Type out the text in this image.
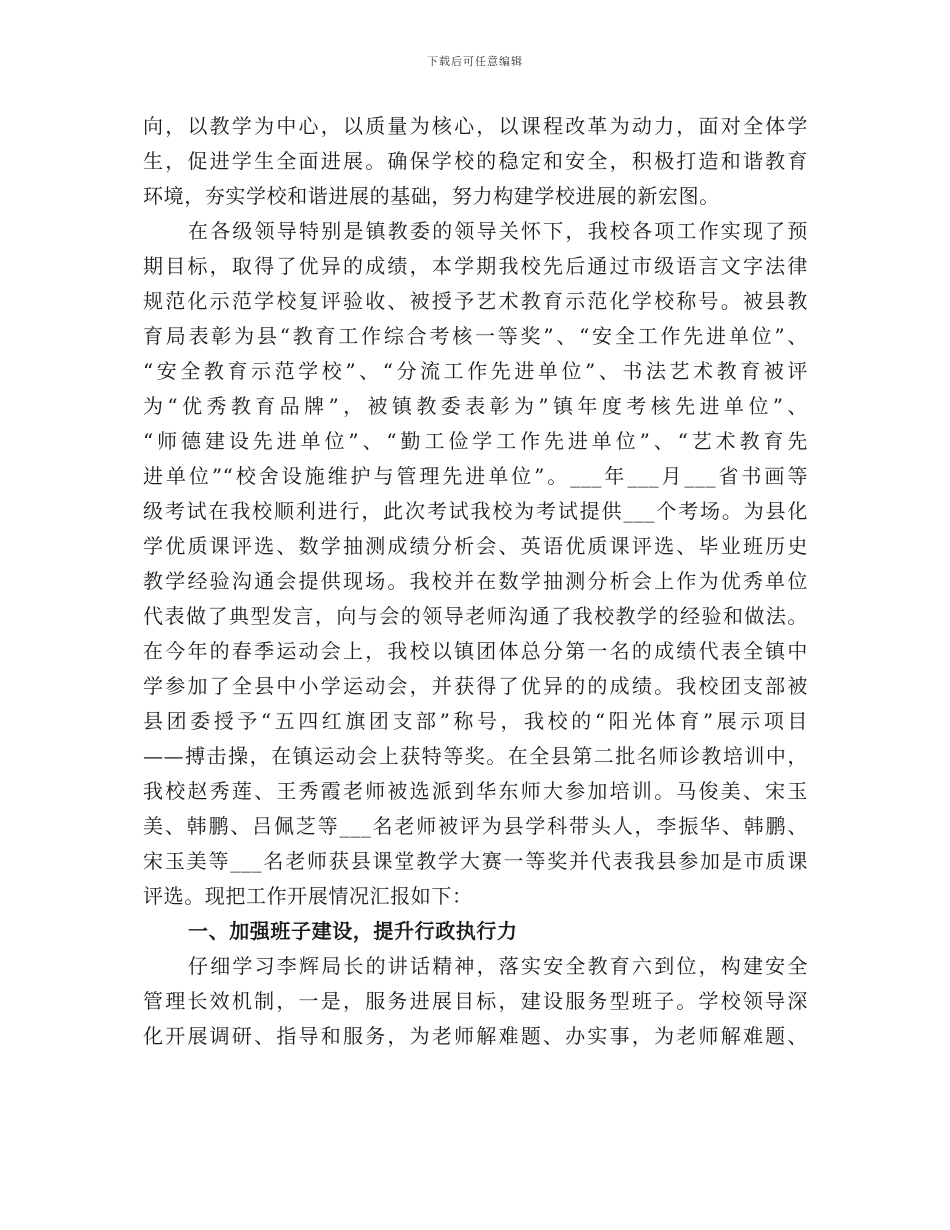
下载后可任意编辑
向，以教学为中心，以质量为核心，以课程改革为动力，面对全体学
生，促进学生全面进展。确保学校的稳定和安全，积极打造和谐教育
环境，夯实学校和谐进展的基础，努力构建学校进展的新宏图。
在各级领导特别是镇教委的领导关怀下，我校各项工作实现了预
期目标，取得了优异的成绩，本学期我校先后通过市级语言文字法律
规范化示范学校复评验收、被授予艺术教育示范化学校称号。被县教
育局表彰为县“教育工作综合考核一等奖”、“安全工作先进单位”、
“安全教育示范学校”、“分流工作先进单位”、书法艺术教育被评
为“优秀教育品牌”，被镇教委表彰为”镇年度考核先进单位”、
“师德建设先进单位”、“勤工俭学工作先进单位”、“艺术教育先
进单位”“校舍设施维护与管理先进单位”。___年___月___省书画等
级考试在我校顺利进行，此次考试我校为考试提供___个考场。为县化
学优质课评选、数学抽测成绩分析会、英语优质课评选、毕业班历史
教学经验沟通会提供现场。我校并在数学抽测分析会上作为优秀单位
代表做了典型发言，向与会的领导老师沟通了我校教学的经验和做法。
在今年的春季运动会上，我校以镇团体总分第一名的成绩代表全镇中
学参加了全县中小学运动会，并获得了优异的的成绩。我校团支部被
县团委授予“五四红旗团支部”称号，我校的“阳光体育”展示项目
——搏击操，在镇运动会上获特等奖。在全县第二批名师诊教培训中，
我校赵秀莲、王秀霞老师被选派到华东师大参加培训。马俊美、宋玉
美、韩鹏、吕佩芝等___名老师被评为县学科带头人，李振华、韩鹏、
宋玉美等___名老师获县课堂教学大赛一等奖并代表我县参加是市质课
评选。现把工作开展情况汇报如下：
一、加强班子建设，提升行政执行力
仔细学习李辉局长的讲话精神，落实安全教育六到位，构建安全
管理长效机制，一是，服务进展目标，建设服务型班子。学校领导深
化开展调研、指导和服务，为老师解难题、办实事，为老师解难题、
